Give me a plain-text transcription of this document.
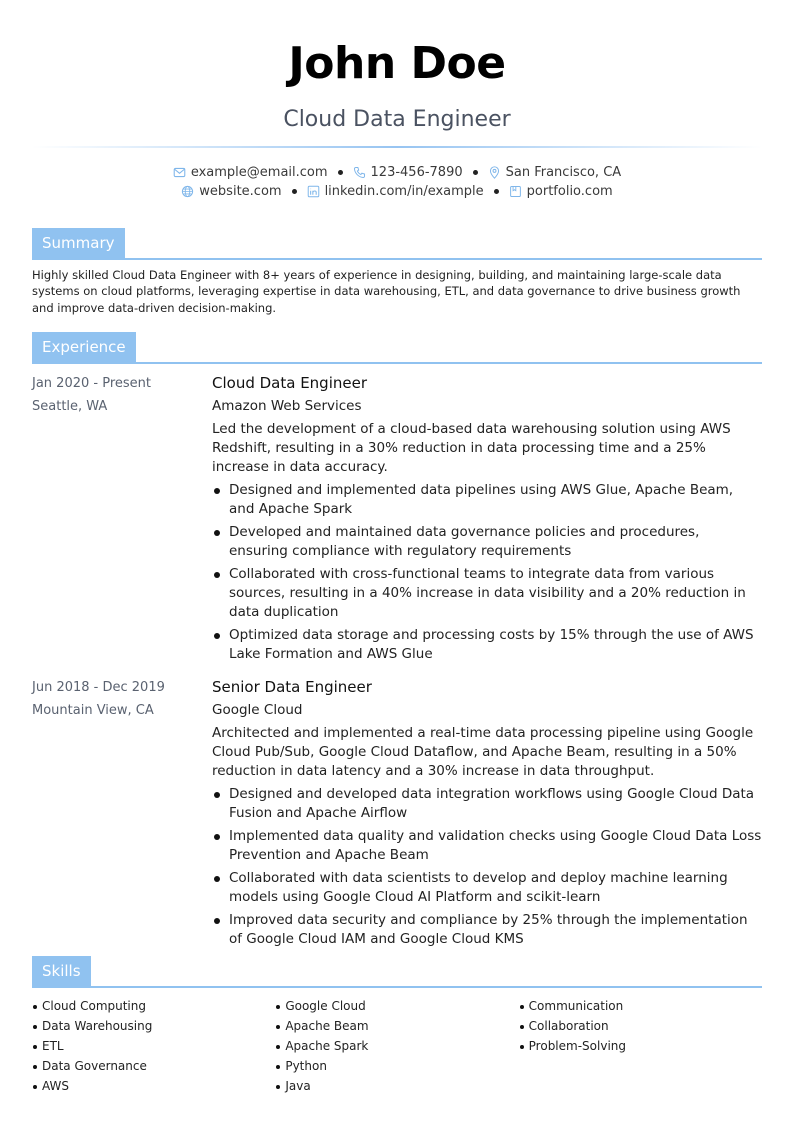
John Doe
Cloud Data Engineer
example@email.com	123-456-7890	San Francisco, CA
website.com	linkedin.com/in/example	portfolio.com
Summary
Highly skilled Cloud Data Engineer with 8+ years of experience in designing, building, and maintaining large-scale data systems on cloud platforms, leveraging expertise in data warehousing, ETL, and data governance to drive business growth and improve data-driven decision-making.
Experience
Jan 2020 - Present
Seattle, WA
Cloud Data Engineer
Amazon Web Services
Led the development of a cloud-based data warehousing solution using AWS Redshift, resulting in a 30% reduction in data processing time and a 25% increase in data accuracy.
Designed and implemented data pipelines using AWS Glue, Apache Beam, and Apache Spark
Developed and maintained data governance policies and procedures, ensuring compliance with regulatory requirements
Collaborated with cross-functional teams to integrate data from various sources, resulting in a 40% increase in data visibility and a 20% reduction in data duplication
Optimized data storage and processing costs by 15% through the use of AWS Lake Formation and AWS Glue
Jun 2018 - Dec 2019
Mountain View, CA
Senior Data Engineer
Google Cloud
Architected and implemented a real-time data processing pipeline using Google Cloud Pub/Sub, Google Cloud Dataflow, and Apache Beam, resulting in a 50% reduction in data latency and a 30% increase in data throughput.
Designed and developed data integration workflows using Google Cloud Data Fusion and Apache Airflow
Implemented data quality and validation checks using Google Cloud Data Loss Prevention and Apache Beam
Collaborated with data scientists to develop and deploy machine learning models using Google Cloud AI Platform and scikit-learn
Improved data security and compliance by 25% through the implementation of Google Cloud IAM and Google Cloud KMS
Skills
Cloud Computing
Data Warehousing
ETL
Data Governance
AWS
Google Cloud
Apache Beam
Apache Spark
Python
Java
Communication
Collaboration
Problem-Solving
